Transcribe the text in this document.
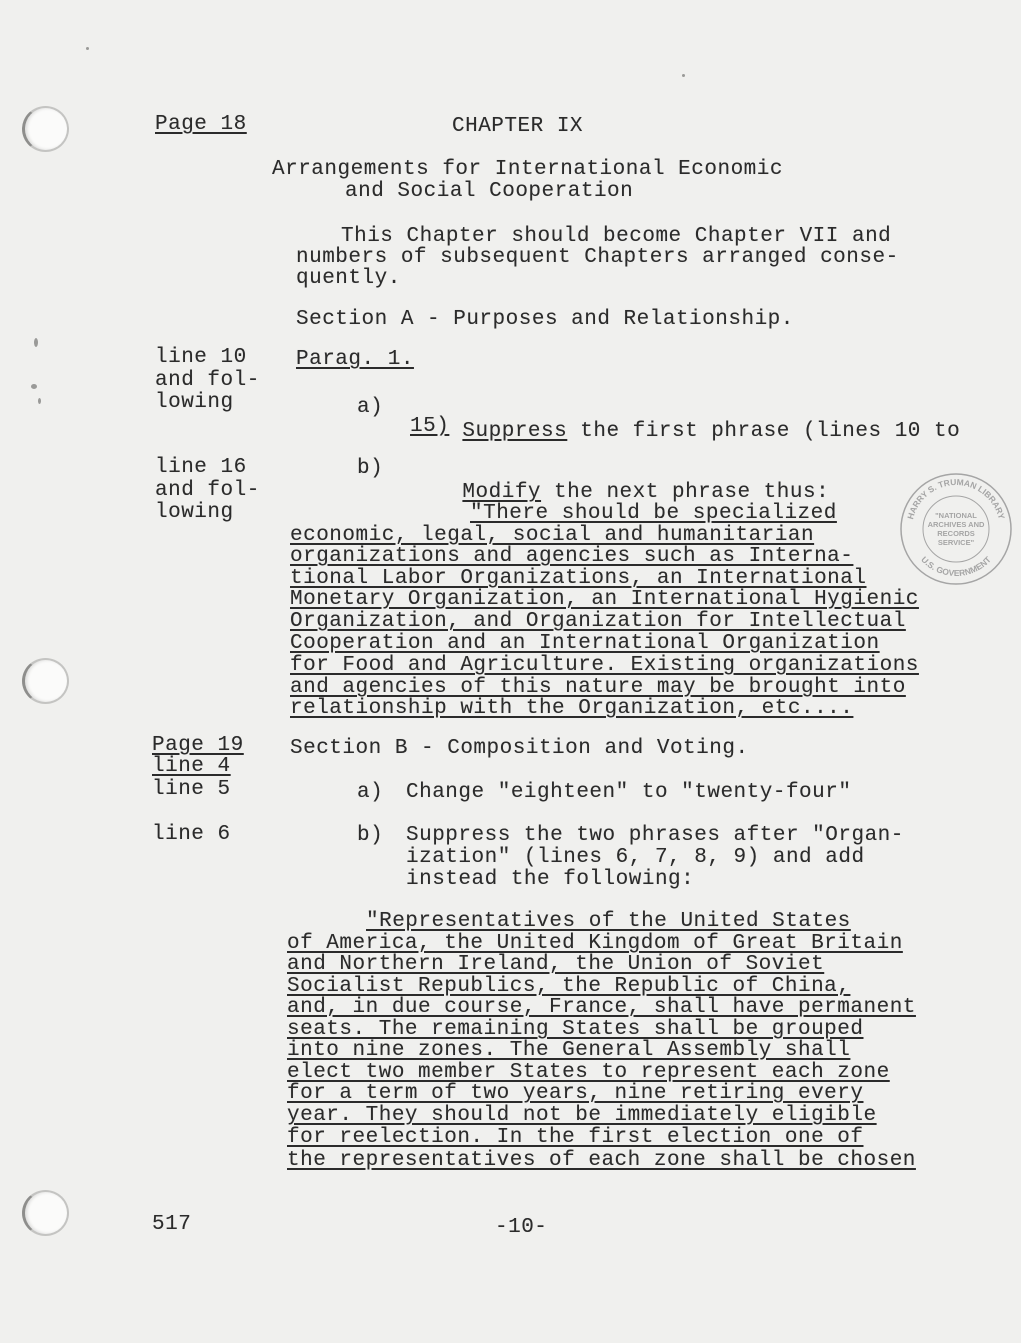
Page 18	CHAPTER IX
Arrangements for International Economic
and Social Cooperation
This Chapter should become Chapter VII and
numbers of subsequent Chapters arranged conse-
quently.
Section A - Purposes and Relationship.
line 10
and fol-
lowing
Parag. 1.
a)

Suppress the first phrase (lines 10 to

15)
line 16
and fol-
lowing
b)

Modify the next phrase thus:

"There should be specialized
economic, legal, social and humanitarian
organizations and agencies such as Interna-
tional Labor Organizations, an International
Monetary Organization, an International Hygienic
Organization, and Organization for Intellectual
Cooperation and an International Organization
for Food and Agriculture. Existing organizations
and agencies of this nature may be brought into
relationship with the Organization, etc....
Page 19
line 4
line 5
line 6
Section B - Composition and Voting.
a) Change "eighteen" to "twenty-four"
b) Suppress the two phrases after "Organ-
ization" (lines 6, 7, 8, 9) and add
instead the following:
"Representatives of the United States
of America, the United Kingdom of Great Britain
and Northern Ireland, the Union of Soviet
Socialist Republics, the Republic of China,
and, in due course, France, shall have permanent
seats. The remaining States shall be grouped
into nine zones. The General Assembly shall
elect two member States to represent each zone
for a term of two years, nine retiring every
year. They should not be immediately eligible
for reelection. In the first election one of
the representatives of each zone shall be chosen
517	-10-
HARRY S. TRUMAN LIBRARY
U.S. GOVERNMENT
"NATIONAL
ARCHIVES AND
RECORDS
SERVICE"
